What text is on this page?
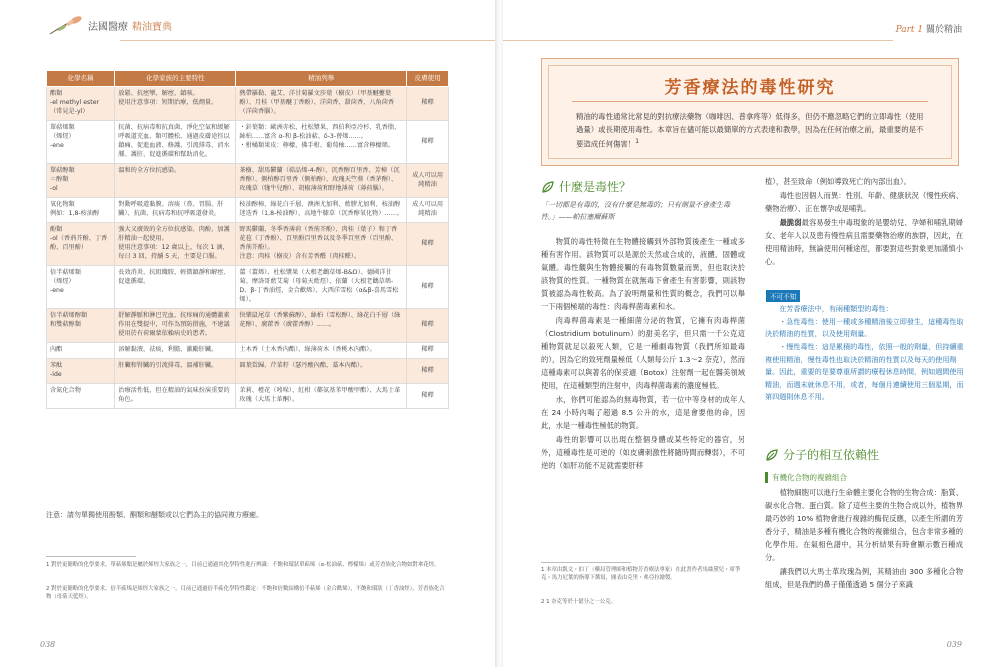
法國醫療 精油寶典
化學名稱	化學家族的主要特性	精油列舉	皮膚使用
酯類
-el methyl ester
（常見是-yl）	放鬆、抗痙攣、解痙、鎮咳。
使用注意事項：短期治療，低劑量。	熱帶羅勒、龍艾、洋甘菊羅文莎葉（樹皮）（甲基醚蔞葉酚）、月桂（甲基醚丁香酚）、洋茴香、甜茴香、八角茴香（洋茴香腦）。	稀釋
單萜烯類
（烯烴）
-ene	抗菌、抗病毒和抗真菌、淨化空氣和緩解呼吸道充血、類可體松、通過皮膚途徑以鎮痛、促進血液、修護、引流排毒、消水腫、護肝、促進循環和幫助消化。	・針葉類：歐洲赤松、杜松漿果、西伯利亞冷杉、乳香脂、絲柏……富含 α-和 β-松油萜、δ-3-蒈烯……。
・柑橘類果皮：檸檬、佛手柑、葡萄柚……富含檸檬烯。	稀釋
單萜醇類
＝醇類
-ol	溫和的全方位抗感染。	茶樹、甜馬鬱蘭（萜品烯-4-醇）、沉香醇百里香、芳樟（沉香醇）、側柏醇百里香（側柏醇）、玫瑰天竺葵（香茅醇）、玫瑰草（牻牛兒醇）、胡椒薄荷和野地薄荷（薄荷腦）。	成人可以用純精油
氧化物類
例如：1,8-桉油醇	對動呼吸道黏膜、溶痰（鼻、胃腸、肝臟）、抗菌、抗病毒和抗呼吸道發炎。	桉油醇樟、綠花白千層、澳洲尤加利、藍膠尤加利、桉油醇迷迭香（1,8-桉油醇）、高地牛膝草（沉香醇氧化物）……。	成人可以用純精油
酚類
-ol（香荊芥酚、丁香酚、百里酚）	強大又廣效的全方位抗感染、肉酚，加護肝精油一起使用。
使用注意事項：12 歲以上，每次 1 滴，每日 3 回，持續 5 天，主要是口服。	野馬鬱蘭、冬季香薄荷（香荊芥酚）、肉桂（葉子）和丁香花苞（丁香酚）、百里酚百里香以及冬季百里香（百里酚、香荊芥酚）。
注意：肉桂（樹皮）含有芳香醛（肉桂醛）。	稀釋
倍半萜烯類
（烯烴）
-ene	長效消炎、抗組織胺、輕微鎮靜和解痙、促進循環。	薑（薑烯）、杜松漿果（大根老鸛草烯-B&D）、德國洋甘菊、摩洛哥藍艾菊（母菊天藍烴）、依蘭（大根老鸛草烯-D、β-丁香油烴、金合歡烯）、大西洋雪松（α&β-喜馬雪松烯）。	稀釋
倍半萜烯醇類
和雙萜醇類	舒解靜脈和淋巴充血、抗疼痛的通體激素作用在雙提中，可作為預防措施，不建議使用於有荷爾蒙依賴病史的患者。	快樂鼠尾草（香紫蘇醇）、絲柏（雪松醇）、綠花白千層（綠花醇）、廣藿香（廣藿香醇）……。	稀釋
內酯	溶解黏液，祛痰，利膽，激勵肝臟。	土木香（土木香內酯）、綠薄荷木（香桃木內酯）。	稀釋
苯酞
-ide	肝臟和腎臟的引流排毒，溫補肝臟。	圓葉當歸、芹菜籽（瑟丹酸內酯、藁本內酯）。	稀釋
含氮化合物	治療活性低，但在精油的氣味扮演重要的角色。	茉莉、橙花（吲哚）、紅柑（鄰氨基苯甲酸甲酯）、大馬士革玫瑰（大馬士革酮）。	稀釋
注意：請勿單獨使用酚類、酮類和醚類或以它們為主的協同複方療癒。
1 對於更簡略的化學要求，單萜烯類是屬於烯烴大家族之一，目前已通過其化學特性進行辨識：不飽和環狀單萜烯（α-松油萜、檸檬烯）或芳香族化合物如對傘花烴。
2 對於更簡略的化學要求，倍半萜烯是烯烴大家族之一，目前已通過倍半萜化學特性鑑定：不飽和倍數結構倍半萜烯（金合歡烯），不飽和環狀（丁香油烴），芳香族化合物（母菊天藍烴）。
038
Part 1 關於精油
芳香療法的毒性研究
精油的毒性通常比常見的對抗療法藥物（咖啡因、普拿疼等）低得多，但仍不應忽略它們的立即毒性（使用過量）或長期使用毒性。本章旨在儘可能以最簡單的方式表達和教學，因為在任何治療之前，最重要的是不要造成任何傷害！$^1$
什麼是毒性？
「一切都是有毒的，沒有什麼是無毒的；只有劑量不會產生毒性。」——帕拉塞爾蘇斯

物質的毒性特徵在生物體接觸到外部物質後產生一種或多種有害作用。該物質可以是源於天然或合成的，液體、固體或氣體。毒性觀與生物體接觸的有毒物質數量而異，但也取決於該物質的性質。一種物質在就無毒下會產生有害影響，則該物質被認為毒性較高。為了說明劑量和性質的概念，我們可以舉一下兩個極端的毒性：肉毒桿菌毒素和水。

肉毒桿菌毒素是一種細菌分泌的物質，它擁有肉毒桿菌（Clostridium botulinum）的甜美名字，但只需一千公克這種物質就足以殺死人類，它是一種劇毒物質（我們所知最毒的），因為它的致死劑量極低（人類每公斤 1.3～2 奈克），然而這種毒素可以與著名的保妥適（Botox）注射劑一起在醫美領域使用，在這種類型的注射中，肉毒桿菌毒素的濃度極低。

水，你們可能認為的無毒物質，若一位中等身材的成年人在 24 小時內喝了超過 8.5 公升的水，這是會要他的命，因此，水是一種毒性極低的物質。

毒性的影響可以出現在整個身體或某些特定的器官，另外，這種毒性是可逆的（如皮膚刺激性將隨時間而轉弱），不可逆的（如肝功能不足就需要肝移

植），甚至致命（例如導致死亡的內部出血）。

毒性也因個人而異：性別、年齡、健康狀況（慢性疾病、藥物治療）、正在懷孕或是哺乳。

最脆弱最容易發生中毒現象的是嬰幼兒、孕婦和哺乳期婦女、老年人以及患有慢性病且需要藥物治療的族群，因此，在使用精油時，無論使用何種途徑，都要對這些對象更加謹慎小心。

不可不知

在芳香療法中，有兩種類型的毒性：

・急性毒性：使用一種或多種精油後立即發生，這種毒性取決於精油的性質，以及使用劑量。

・慢性毒性：這是累積的毒性，依照一般的劑量，但持續重複使用精油，慢性毒性也取決於精油的性質以及每天的使用劑量。因此，重要的是要尊重所謂的療程休息時間，例如週間使用精油，而週末就休息不用，或者，每個月連續使用三個星期，而第四週則休息不用。

分子的相互依賴性
有機化合物的複雜組合

植物細胞可以進行生命體主要化合物的生物合成：脂質、碳水化合物、蛋白質。除了這些主要的生物合成以外，植物界最巧妙的 10% 植物會進行複雜的酶促反應，以產生所謂的芳香分子，精油是多種有機化合物的複雜組合，包含非常多種的化學作用。在氣相色譜中，其分析結果有時會顯示數百種成分。

讓我們以大馬士革玫瑰為例，其精油由 300 多種化合物組成，但是我們的鼻子僅僅透過 5 個分子來識

1 本章由凱文・伯丁（藥局管理師和植物芳香療法專家）在此書作者馬絲黛兒・席爭克・馬力尼葉的指導下撰寫，圖表由克里・弗亞拉繪製。
2 1 奈克等於十億分之一公克。
039
